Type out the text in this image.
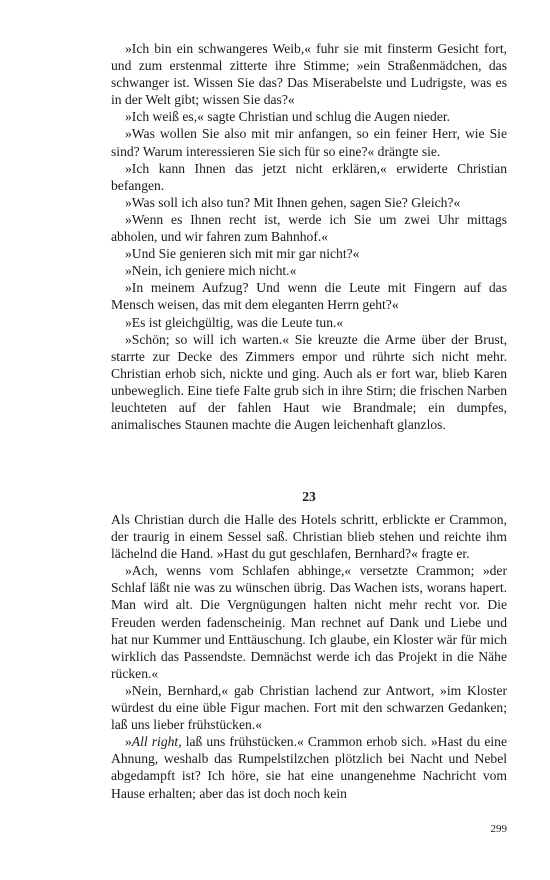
»Ich bin ein schwangeres Weib,« fuhr sie mit finsterm Gesicht fort, und zum erstenmal zitterte ihre Stimme; »ein Straßenmädchen, das schwanger ist. Wissen Sie das? Das Miserabelste und Ludrigste, was es in der Welt gibt; wissen Sie das?«

»Ich weiß es,« sagte Christian und schlug die Augen nieder.

»Was wollen Sie also mit mir anfangen, so ein feiner Herr, wie Sie sind? Warum interessieren Sie sich für so eine?« drängte sie.

»Ich kann Ihnen das jetzt nicht erklären,« erwiderte Christian befangen.

»Was soll ich also tun? Mit Ihnen gehen, sagen Sie? Gleich?«

»Wenn es Ihnen recht ist, werde ich Sie um zwei Uhr mittags abholen, und wir fahren zum Bahnhof.«

»Und Sie genieren sich mit mir gar nicht?«

»Nein, ich geniere mich nicht.«

»In meinem Aufzug? Und wenn die Leute mit Fingern auf das Mensch weisen, das mit dem eleganten Herrn geht?«

»Es ist gleichgültig, was die Leute tun.«

»Schön; so will ich warten.« Sie kreuzte die Arme über der Brust, starrte zur Decke des Zimmers empor und rührte sich nicht mehr. Christian erhob sich, nickte und ging. Auch als er fort war, blieb Karen unbeweglich. Eine tiefe Falte grub sich in ihre Stirn; die frischen Narben leuchteten auf der fahlen Haut wie Brandmale; ein dumpfes, animalisches Staunen machte die Augen leichenhaft glanzlos.

23

Als Christian durch die Halle des Hotels schritt, erblickte er Crammon, der traurig in einem Sessel saß. Christian blieb stehen und reichte ihm lächelnd die Hand. »Hast du gut geschlafen, Bernhard?« fragte er.

»Ach, wenns vom Schlafen abhinge,« versetzte Crammon; »der Schlaf läßt nie was zu wünschen übrig. Das Wachen ists, worans hapert. Man wird alt. Die Vergnügungen halten nicht mehr recht vor. Die Freuden werden fadenscheinig. Man rechnet auf Dank und Liebe und hat nur Kummer und Enttäuschung. Ich glaube, ein Kloster wär für mich wirklich das Passendste. Demnächst werde ich das Projekt in die Nähe rücken.«

»Nein, Bernhard,« gab Christian lachend zur Antwort, »im Kloster würdest du eine üble Figur machen. Fort mit den schwarzen Gedanken; laß uns lieber frühstücken.«

»All right, laß uns frühstücken.« Crammon erhob sich. »Hast du eine Ahnung, weshalb das Rumpelstilzchen plötzlich bei Nacht und Nebel abgedampft ist? Ich höre, sie hat eine unangenehme Nachricht vom Hause erhalten; aber das ist doch noch kein

299
